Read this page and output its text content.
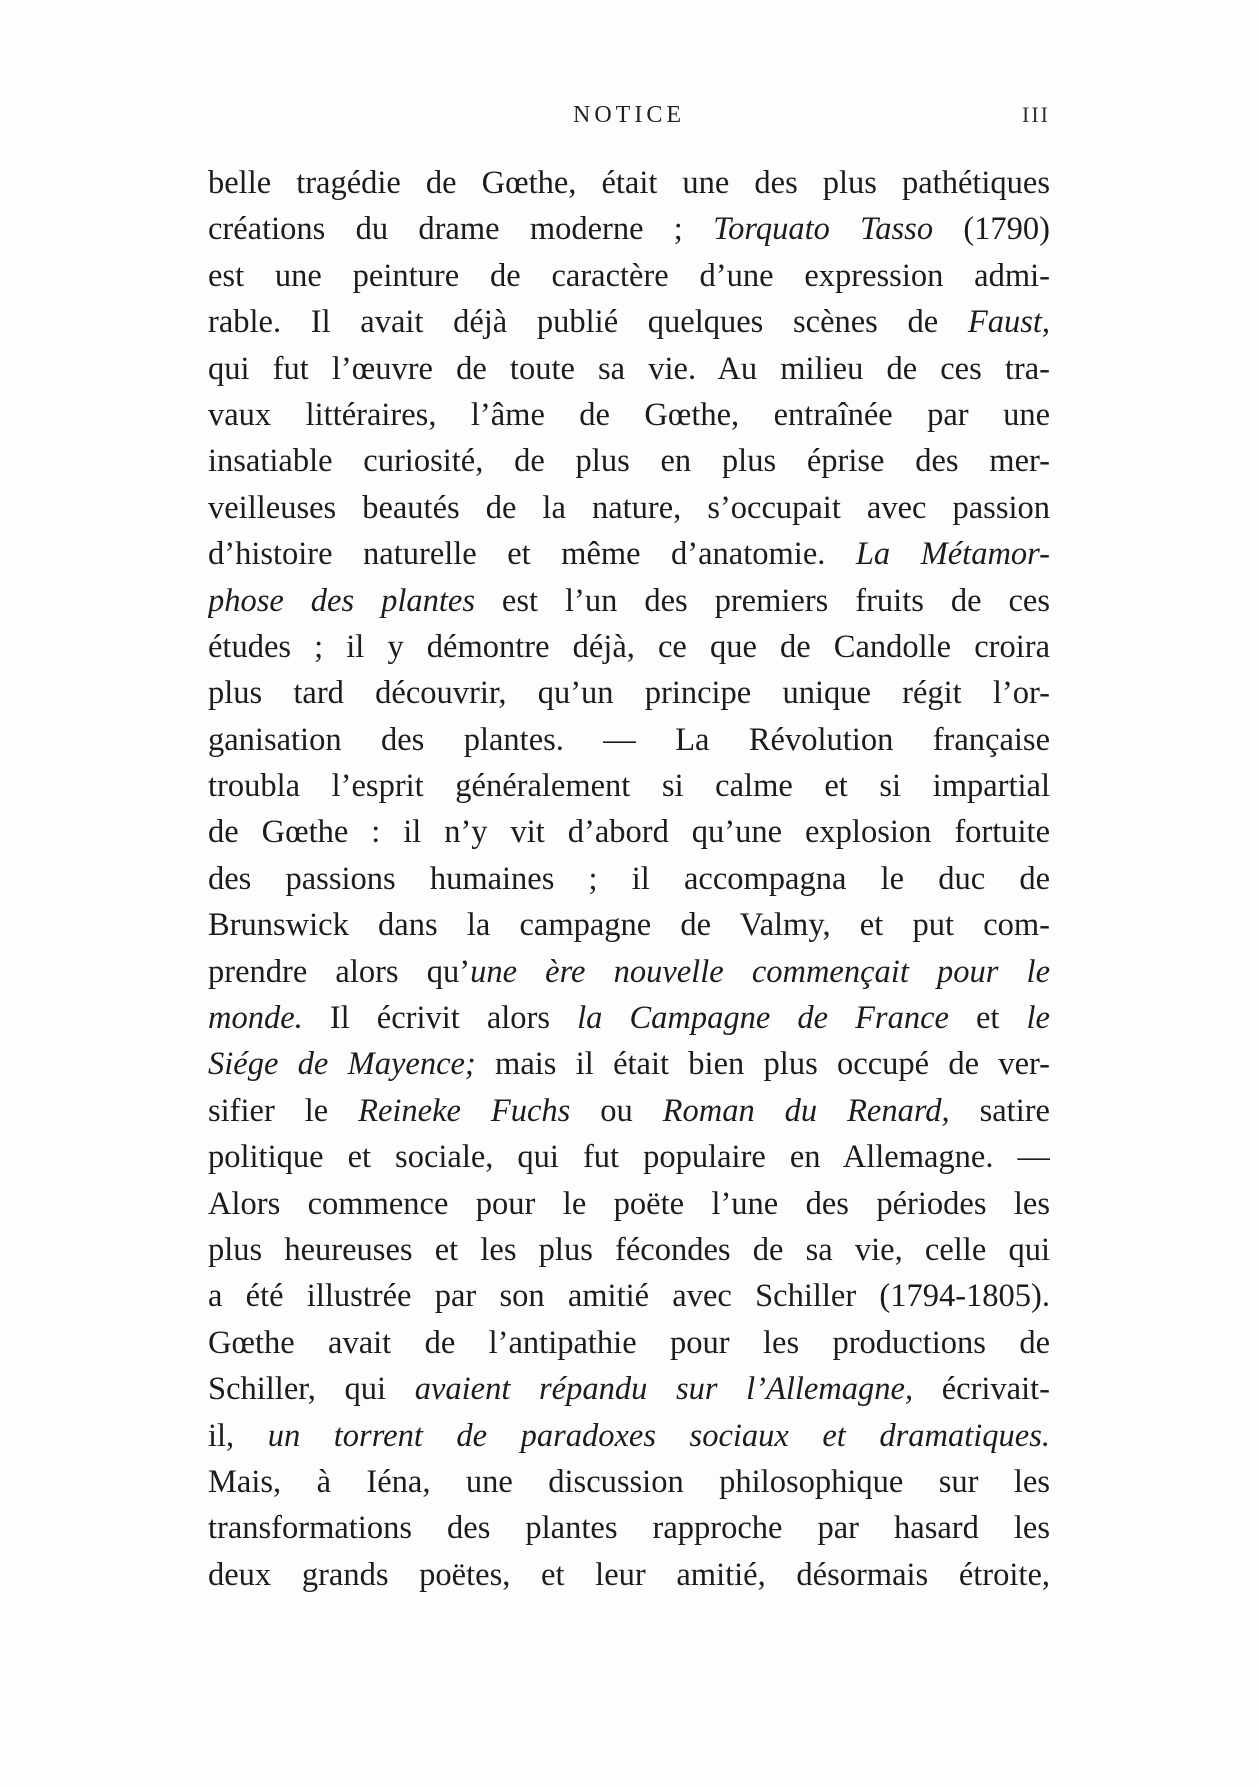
NOTICE	III
belle tragédie de Gœthe, était une des plus pathétiques
créations du drame moderne ; Torquato Tasso (1790)
est une peinture de caractère d’une expression admi-
rable. Il avait déjà publié quelques scènes de Faust,
qui fut l’œuvre de toute sa vie. Au milieu de ces tra-
vaux littéraires, l’âme de Gœthe, entraînée par une
insatiable curiosité, de plus en plus éprise des mer-
veilleuses beautés de la nature, s’occupait avec passion
d’histoire naturelle et même d’anatomie. La Métamor-
phose des plantes est l’un des premiers fruits de ces
études ; il y démontre déjà, ce que de Candolle croira
plus tard découvrir, qu’un principe unique régit l’or-
ganisation des plantes. — La Révolution française
troubla l’esprit généralement si calme et si impartial
de Gœthe : il n’y vit d’abord qu’une explosion fortuite
des passions humaines ; il accompagna le duc de
Brunswick dans la campagne de Valmy, et put com-
prendre alors qu’une ère nouvelle commençait pour le
monde. Il écrivit alors la Campagne de France et le
Siége de Mayence; mais il était bien plus occupé de ver-
sifier le Reineke Fuchs ou Roman du Renard, satire
politique et sociale, qui fut populaire en Allemagne. —
Alors commence pour le poëte l’une des périodes les
plus heureuses et les plus fécondes de sa vie, celle qui
a été illustrée par son amitié avec Schiller (1794-1805).
Gœthe avait de l’antipathie pour les productions de
Schiller, qui avaient répandu sur l’Allemagne, écrivait-
il, un torrent de paradoxes sociaux et dramatiques.
Mais, à Iéna, une discussion philosophique sur les
transformations des plantes rapproche par hasard les
deux grands poëtes, et leur amitié, désormais étroite,
